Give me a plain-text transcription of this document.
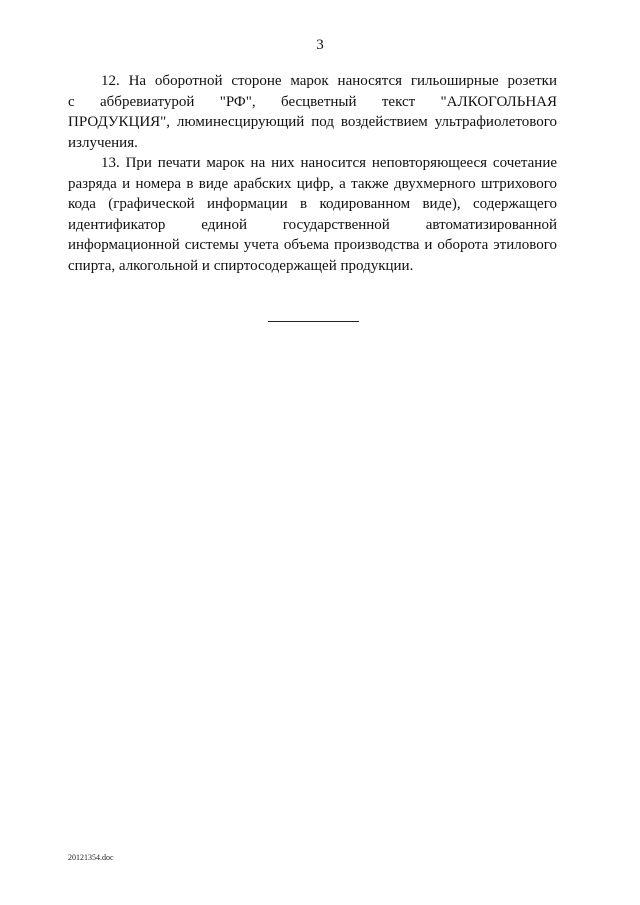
3

12. На оборотной стороне марок наносятся гильоширные розетки
с аббревиатурой "РФ", бесцветный текст "АЛКОГОЛЬНАЯ
ПРОДУКЦИЯ", люминесцирующий под воздействием ультрафиолетового
излучения.

13. При печати марок на них наносится неповторяющееся сочетание
разряда и номера в виде арабских цифр, а также двухмерного штрихового
кода (графической информации в кодированном виде), содержащего
идентификатор единой государственной автоматизированной
информационной системы учета объема производства и оборота этилового
спирта, алкогольной и спиртосодержащей продукции.

20121354.doc
